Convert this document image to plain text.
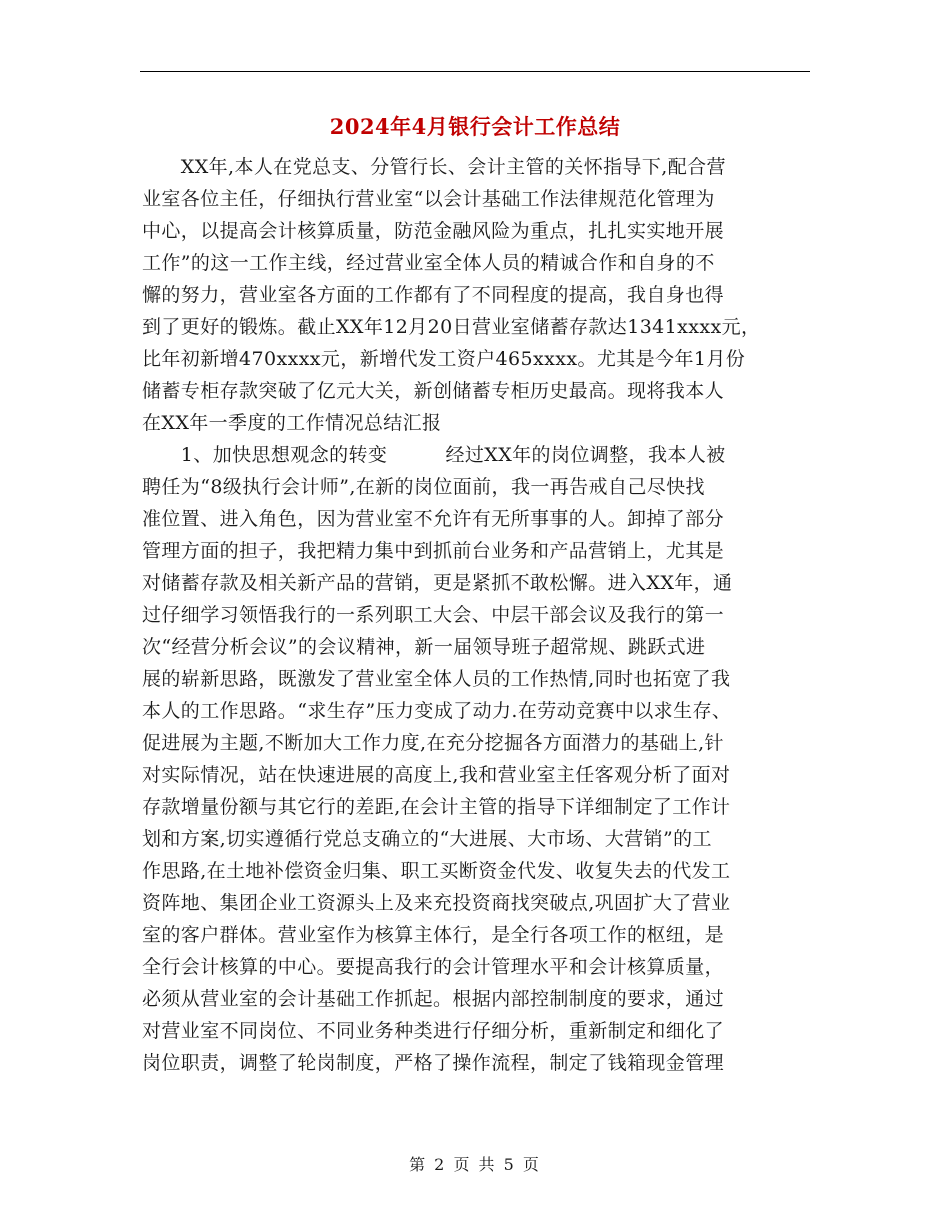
2024年4月银行会计工作总结
　　XX年,本人在党总支、分管行长、会计主管的关怀指导下,配合营
业室各位主任，仔细执行营业室“以会计基础工作法律规范化管理为
中心，以提高会计核算质量，防范金融风险为重点，扎扎实实地开展
工作”的这一工作主线，经过营业室全体人员的精诚合作和自身的不
懈的努力，营业室各方面的工作都有了不同程度的提高，我自身也得
到了更好的锻炼。截止XX年12月20日营业室储蓄存款达1341xxxx元，
比年初新增470xxxx元，新增代发工资户465xxxx。尤其是今年1月份
储蓄专柜存款突破了亿元大关，新创储蓄专柜历史最高。现将我本人
在XX年一季度的工作情况总结汇报
　　1、加快思想观念的转变　　　经过XX年的岗位调整，我本人被
聘任为“8级执行会计师”,在新的岗位面前，我一再告戒自己尽快找
准位置、进入角色，因为营业室不允许有无所事事的人。卸掉了部分
管理方面的担子，我把精力集中到抓前台业务和产品营销上，尤其是
对储蓄存款及相关新产品的营销，更是紧抓不敢松懈。进入XX年，通
过仔细学习领悟我行的一系列职工大会、中层干部会议及我行的第一
次“经营分析会议”的会议精神，新一届领导班子超常规、跳跃式进
展的崭新思路，既激发了营业室全体人员的工作热情,同时也拓宽了我
本人的工作思路。“求生存”压力变成了动力.在劳动竞赛中以求生存、
促进展为主题,不断加大工作力度,在充分挖掘各方面潜力的基础上,针
对实际情况，站在快速进展的高度上,我和营业室主任客观分析了面对
存款增量份额与其它行的差距,在会计主管的指导下详细制定了工作计
划和方案,切实遵循行党总支确立的“大进展、大市场、大营销”的工
作思路,在土地补偿资金归集、职工买断资金代发、收复失去的代发工
资阵地、集团企业工资源头上及来充投资商找突破点,巩固扩大了营业
室的客户群体。营业室作为核算主体行，是全行各项工作的枢纽，是
全行会计核算的中心。要提高我行的会计管理水平和会计核算质量，
必须从营业室的会计基础工作抓起。根据内部控制制度的要求，通过
对营业室不同岗位、不同业务种类进行仔细分析，重新制定和细化了
岗位职责，调整了轮岗制度，严格了操作流程，制定了钱箱现金管理
第 2 页 共 5 页
